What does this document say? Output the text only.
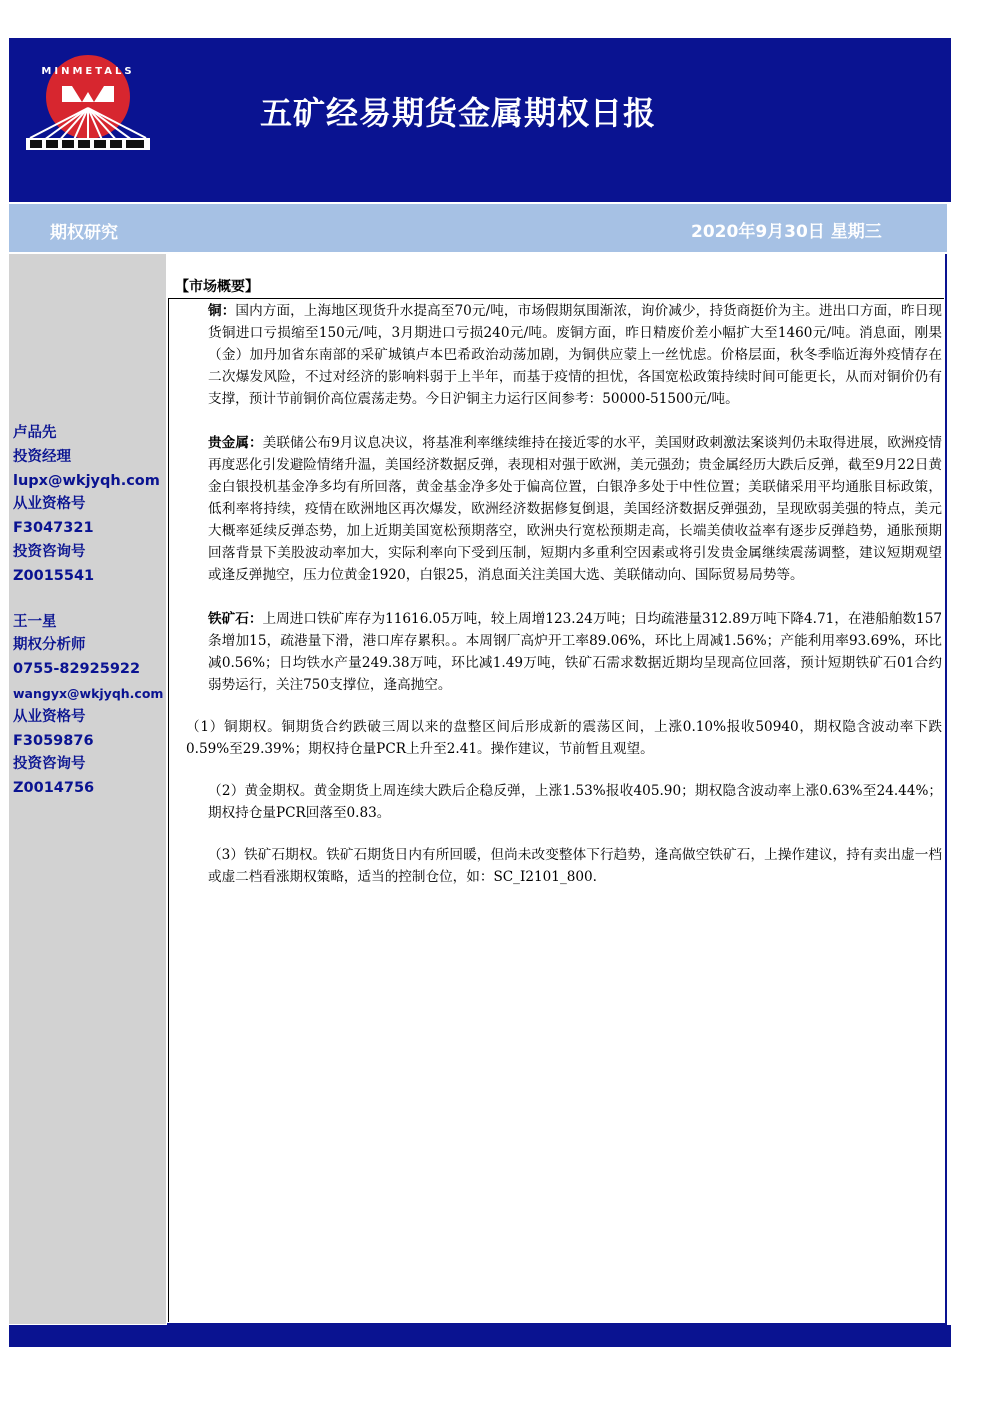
MINMETALS
五矿经易期货金属期权日报
期权研究	2020年9月30日 星期三
卢品先
投资经理
lupx@wkjyqh.com
从业资格号
F3047321
投资咨询号
Z0015541
王一星
期权分析师
0755-82925922
wangyx@wkjyqh.com
从业资格号
F3059876
投资咨询号
Z0014756
【市场概要】

铜：国内方面，上海地区现货升水提高至70元/吨，市场假期氛围渐浓，询价减少，持货商挺价为主。进出口方面，昨日现货铜进口亏损缩至150元/吨，3月期进口亏损240元/吨。废铜方面，昨日精废价差小幅扩大至1460元/吨。消息面，刚果（金）加丹加省东南部的采矿城镇卢本巴希政治动荡加剧，为铜供应蒙上一丝忧虑。价格层面，秋冬季临近海外疫情存在二次爆发风险，不过对经济的影响料弱于上半年，而基于疫情的担忧，各国宽松政策持续时间可能更长，从而对铜价仍有支撑，预计节前铜价高位震荡走势。今日沪铜主力运行区间参考：50000-51500元/吨。

贵金属：美联储公布9月议息决议，将基准利率继续维持在接近零的水平，美国财政刺激法案谈判仍未取得进展，欧洲疫情再度恶化引发避险情绪升温，美国经济数据反弹，表现相对强于欧洲，美元强劲；贵金属经历大跌后反弹，截至9月22日黄金白银投机基金净多均有所回落，黄金基金净多处于偏高位置，白银净多处于中性位置；美联储采用平均通胀目标政策，低利率将持续，疫情在欧洲地区再次爆发，欧洲经济数据修复倒退，美国经济数据反弹强劲，呈现欧弱美强的特点，美元大概率延续反弹态势，加上近期美国宽松预期落空，欧洲央行宽松预期走高，长端美债收益率有逐步反弹趋势，通胀预期回落背景下美股波动率加大，实际利率向下受到压制，短期内多重利空因素或将引发贵金属继续震荡调整，建议短期观望或逢反弹抛空，压力位黄金1920，白银25，消息面关注美国大选、美联储动向、国际贸易局势等。

铁矿石：上周进口铁矿库存为11616.05万吨，较上周增123.24万吨；日均疏港量312.89万吨下降4.71，在港船舶数157条增加15，疏港量下滑，港口库存累积。。本周钢厂高炉开工率89.06%，环比上周减1.56%；产能利用率93.69%，环比减0.56%；日均铁水产量249.38万吨，环比减1.49万吨，铁矿石需求数据近期均呈现高位回落，预计短期铁矿石01合约弱势运行，关注750支撑位，逢高抛空。

（1）铜期权。铜期货合约跌破三周以来的盘整区间后形成新的震荡区间，上涨0.10%报收50940，期权隐含波动率下跌0.59%至29.39%；期权持仓量PCR上升至2.41。操作建议，节前暂且观望。

（2）黄金期权。黄金期货上周连续大跌后企稳反弹，上涨1.53%报收405.90；期权隐含波动率上涨0.63%至24.44%；期权持仓量PCR回落至0.83。

（3）铁矿石期权。铁矿石期货日内有所回暖，但尚未改变整体下行趋势，逢高做空铁矿石，上操作建议，持有卖出虚一档或虚二档看涨期权策略，适当的控制仓位，如：SC_I2101_800.
